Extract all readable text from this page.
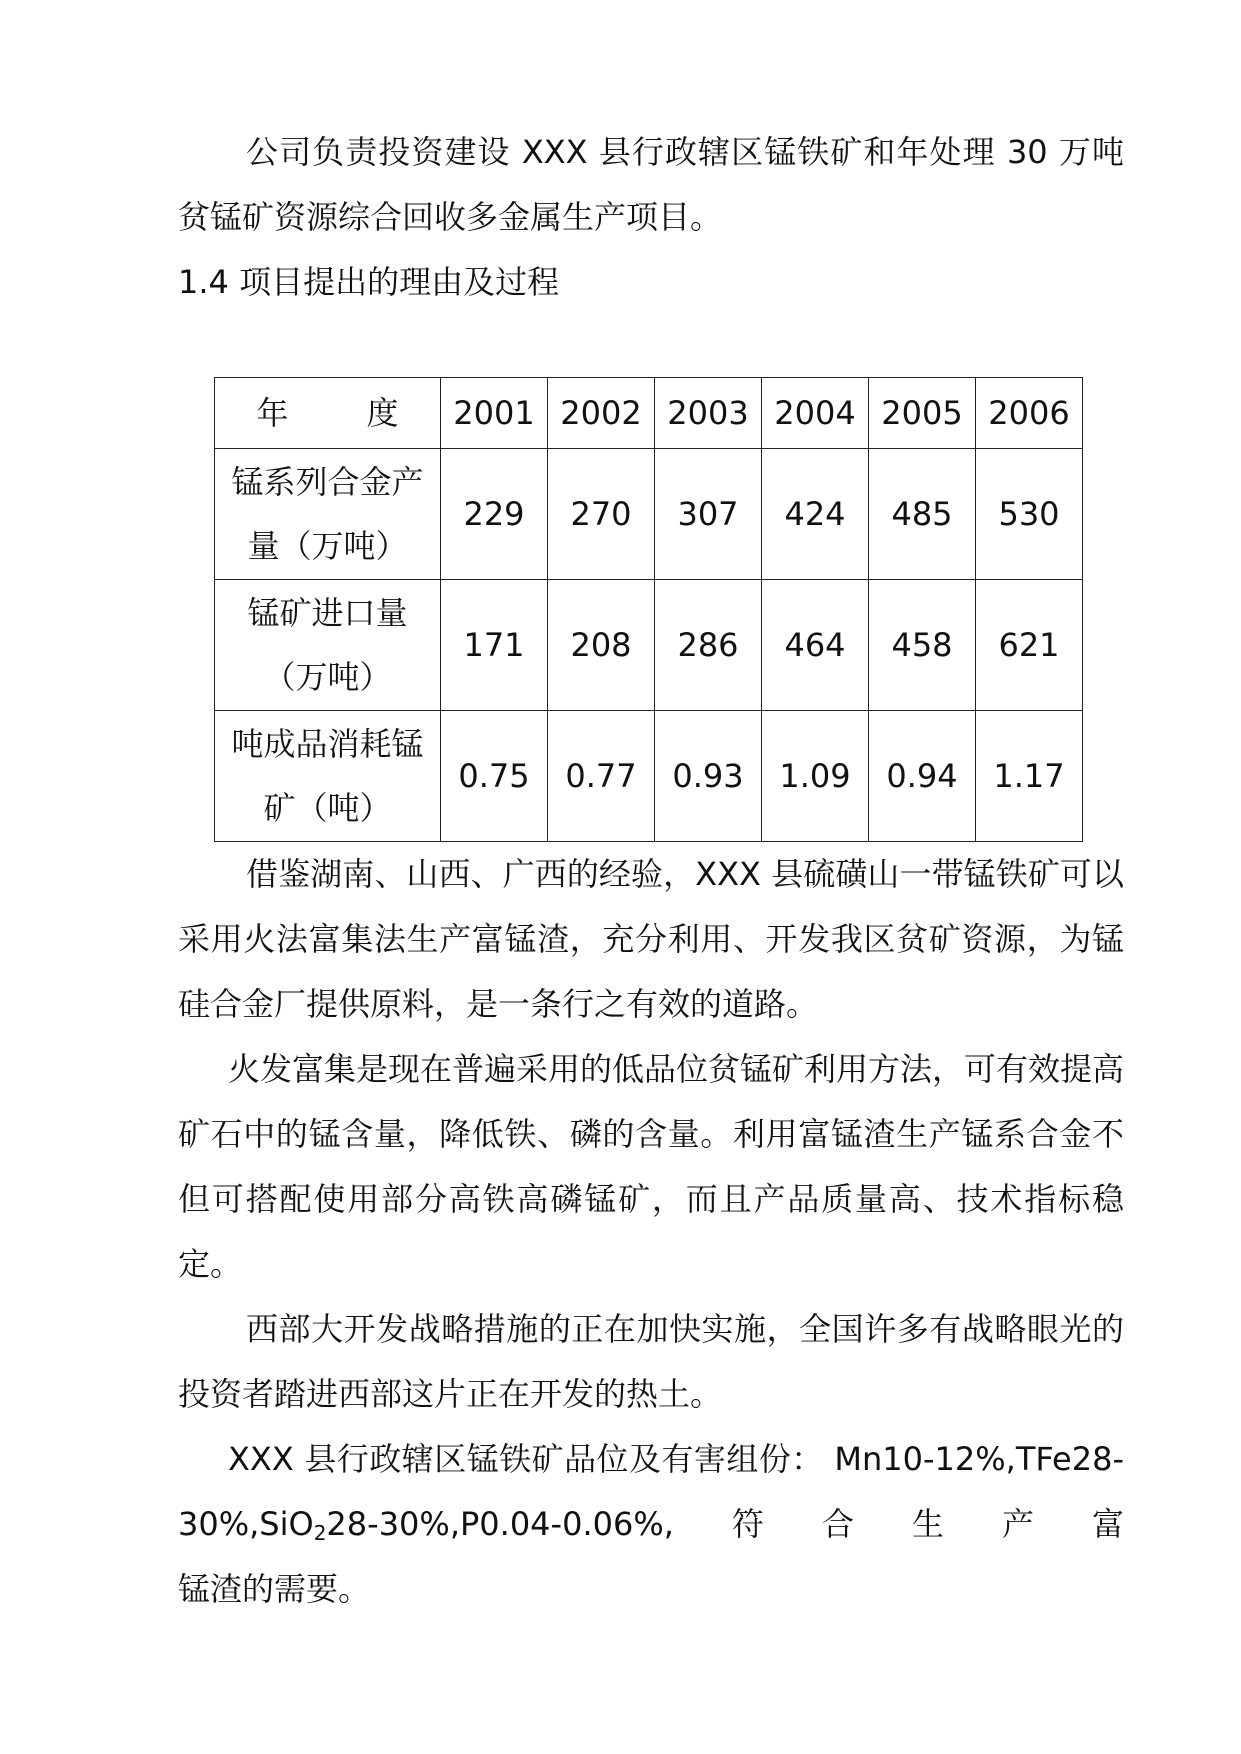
公司负责投资建设 XXX 县行政辖区锰铁矿和年处理 30 万吨贫锰矿资源综合回收多金属生产项目。

1.4 项目提出的理由及过程

年 度	2001	2002	2003	2004	2005	2006

锰系列合金产
量（万吨）	229	270	307	424	485	530

锰矿进口量
（万吨）	171	208	286	464	458	621

吨成品消耗锰
矿（吨）	0.75	0.77	0.93	1.09	0.94	1.17

借鉴湖南、山西、广西的经验，XXX 县硫磺山一带锰铁矿可以采用火法富集法生产富锰渣，充分利用、开发我区贫矿资源，为锰硅合金厂提供原料，是一条行之有效的道路。

火发富集是现在普遍采用的低品位贫锰矿利用方法，可有效提高矿石中的锰含量，降低铁、磷的含量。利用富锰渣生产锰系合金不但可搭配使用部分高铁高磷锰矿，而且产品质量高、技术指标稳定。

西部大开发战略措施的正在加快实施，全国许多有战略眼光的投资者踏进西部这片正在开发的热土。

XXX 县行政辖区锰铁矿品位及有害组份： Mn10-12%,TFe28-30%,SiO$_2$28-30%,P0.04-0.06%,符合生产富

锰渣的需要。
